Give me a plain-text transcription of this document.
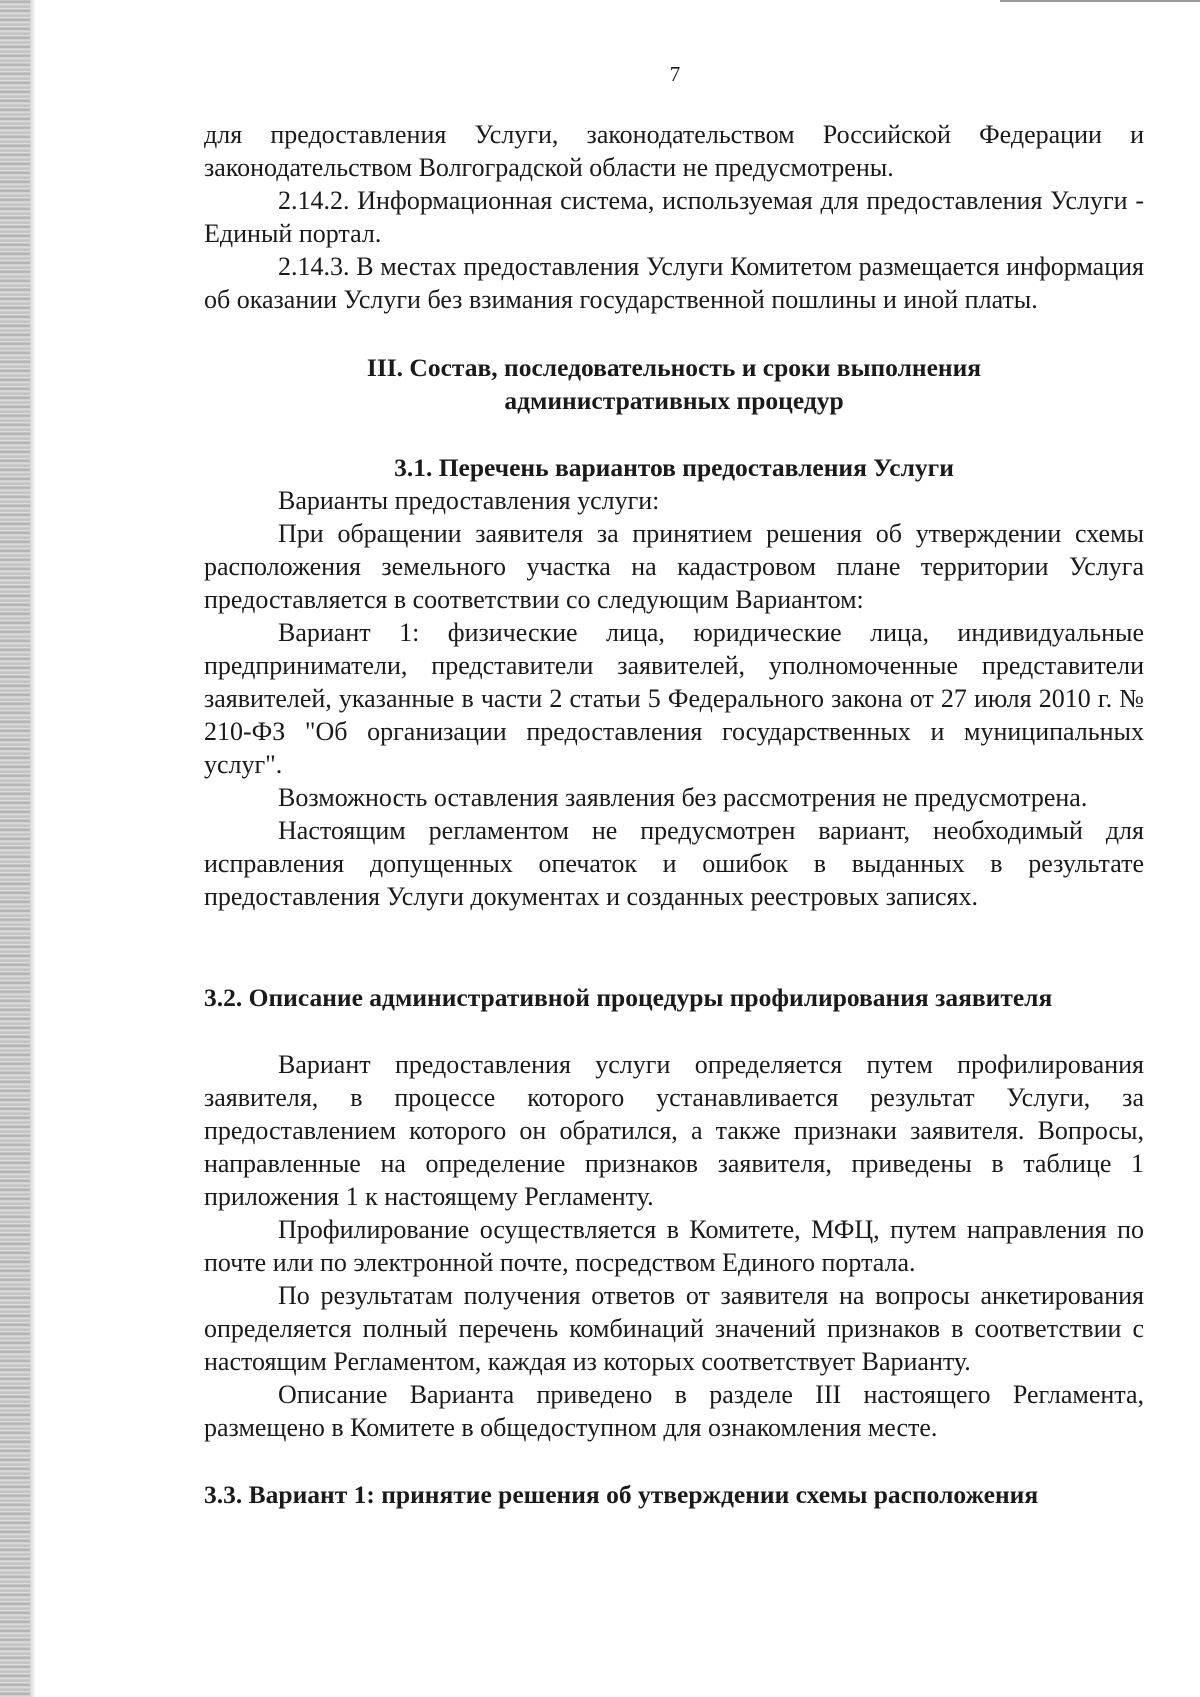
7

для предоставления Услуги, законодательством Российской Федерации и законодательством Волгоградской области не предусмотрены.

2.14.2. Информационная система, используемая для предоставления Услуги - Единый портал.

2.14.3. В местах предоставления Услуги Комитетом размещается информация об оказании Услуги без взимания государственной пошлины и иной платы.

III. Состав, последовательность и сроки выполнения

административных процедур

3.1. Перечень вариантов предоставления Услуги

Варианты предоставления услуги:

При обращении заявителя за принятием решения об утверждении схемы расположения земельного участка на кадастровом плане территории Услуга предоставляется в соответствии со следующим Вариантом:

Вариант 1: физические лица, юридические лица, индивидуальные предприниматели, представители заявителей, уполномоченные представители заявителей, указанные в части 2 статьи 5 Федерального закона от 27 июля 2010 г. № 210-ФЗ "Об организации предоставления государственных и муниципальных услуг".

Возможность оставления заявления без рассмотрения не предусмотрена.

Настоящим регламентом не предусмотрен вариант, необходимый для исправления допущенных опечаток и ошибок в выданных в результате предоставления Услуги документах и созданных реестровых записях.

3.2. Описание административной процедуры профилирования заявителя

Вариант предоставления услуги определяется путем профилирования заявителя, в процессе которого устанавливается результат Услуги, за предоставлением которого он обратился, а также признаки заявителя. Вопросы, направленные на определение признаков заявителя, приведены в таблице 1 приложения 1 к настоящему Регламенту.

Профилирование осуществляется в Комитете, МФЦ, путем направления по почте или по электронной почте, посредством Единого портала.

По результатам получения ответов от заявителя на вопросы анкетирования определяется полный перечень комбинаций значений признаков в соответствии с настоящим Регламентом, каждая из которых соответствует Варианту.

Описание Варианта приведено в разделе III настоящего Регламента, размещено в Комитете в общедоступном для ознакомления месте.

3.3. Вариант 1: принятие решения об утверждении схемы расположения
